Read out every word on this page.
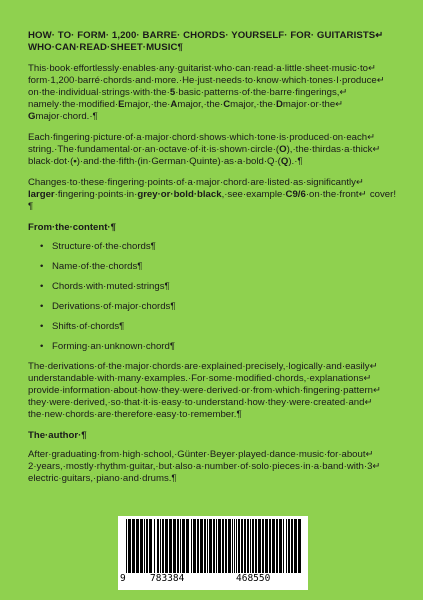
HOW· TO· FORM· 1,200· BARRE· CHORDS· YOURSELF· FOR· GUITARISTS↵ WHO·CAN·READ·SHEET·MUSIC¶

This·book·effortlessly·enables·any·guitarist·who·can·read·a·little·sheet·music·to↵ form·1,200·barré·chords·and·more.·He·just·needs·to·know·which·tones·I·produce↵ on·the·individual·strings·with·the·5·basic·patterns·of·the·barre·fingerings,↵ namely·the·modified·Emajor,·the·Amajor,·the·Cmajor,·the·Dmajor·or·the↵ Gmajor·chord.·¶

Each·fingering·picture·of·a·major·chord·shows·which·tone·is·produced·on·each↵ string.·The·fundamental·or·an·octave·of·it·is·shown·circle·(O),·the·thirdas·a·thick↵ black·dot·(•)·and·the·fifth·(in·German·Quinte)·as·a·bold·Q·(Q).·¶

Changes·to·these·fingering·points·of·a·major·chord·are·listed·as·significantly↵ larger·fingering·points·in·grey·or·bold·black,·see·example·C9/6·on·the·front↵ cover!¶

From·the·content·¶
• Structure·of·the·chords¶
• Name·of·the·chords¶
• Chords·with·muted·strings¶
• Derivations·of·major·chords¶
• Shifts·of·chords¶
• Forming·an·unknown·chord¶

The·derivations·of·the·major·chords·are·explained·precisely,·logically·and·easily↵ understandable·with·many·examples.·For·some·modified·chords,·explanations↵ provide·information·about·how·they·were·derived·or·from·which·fingering·pattern↵ they·were·derived,·so·that·it·is·easy·to·understand·how·they·were·created·and↵ the·new·chords·are·therefore·easy·to·remember.¶

The·author·¶

After·graduating·from·high·school,·Günter·Beyer·played·dance·music·for·about↵ 2·years,·mostly·rhythm·guitar,·but·also·a·number·of·solo·pieces·in·a·band·with·3↵ electric·guitars,·piano·and·drums.¶

9	783384	468550
